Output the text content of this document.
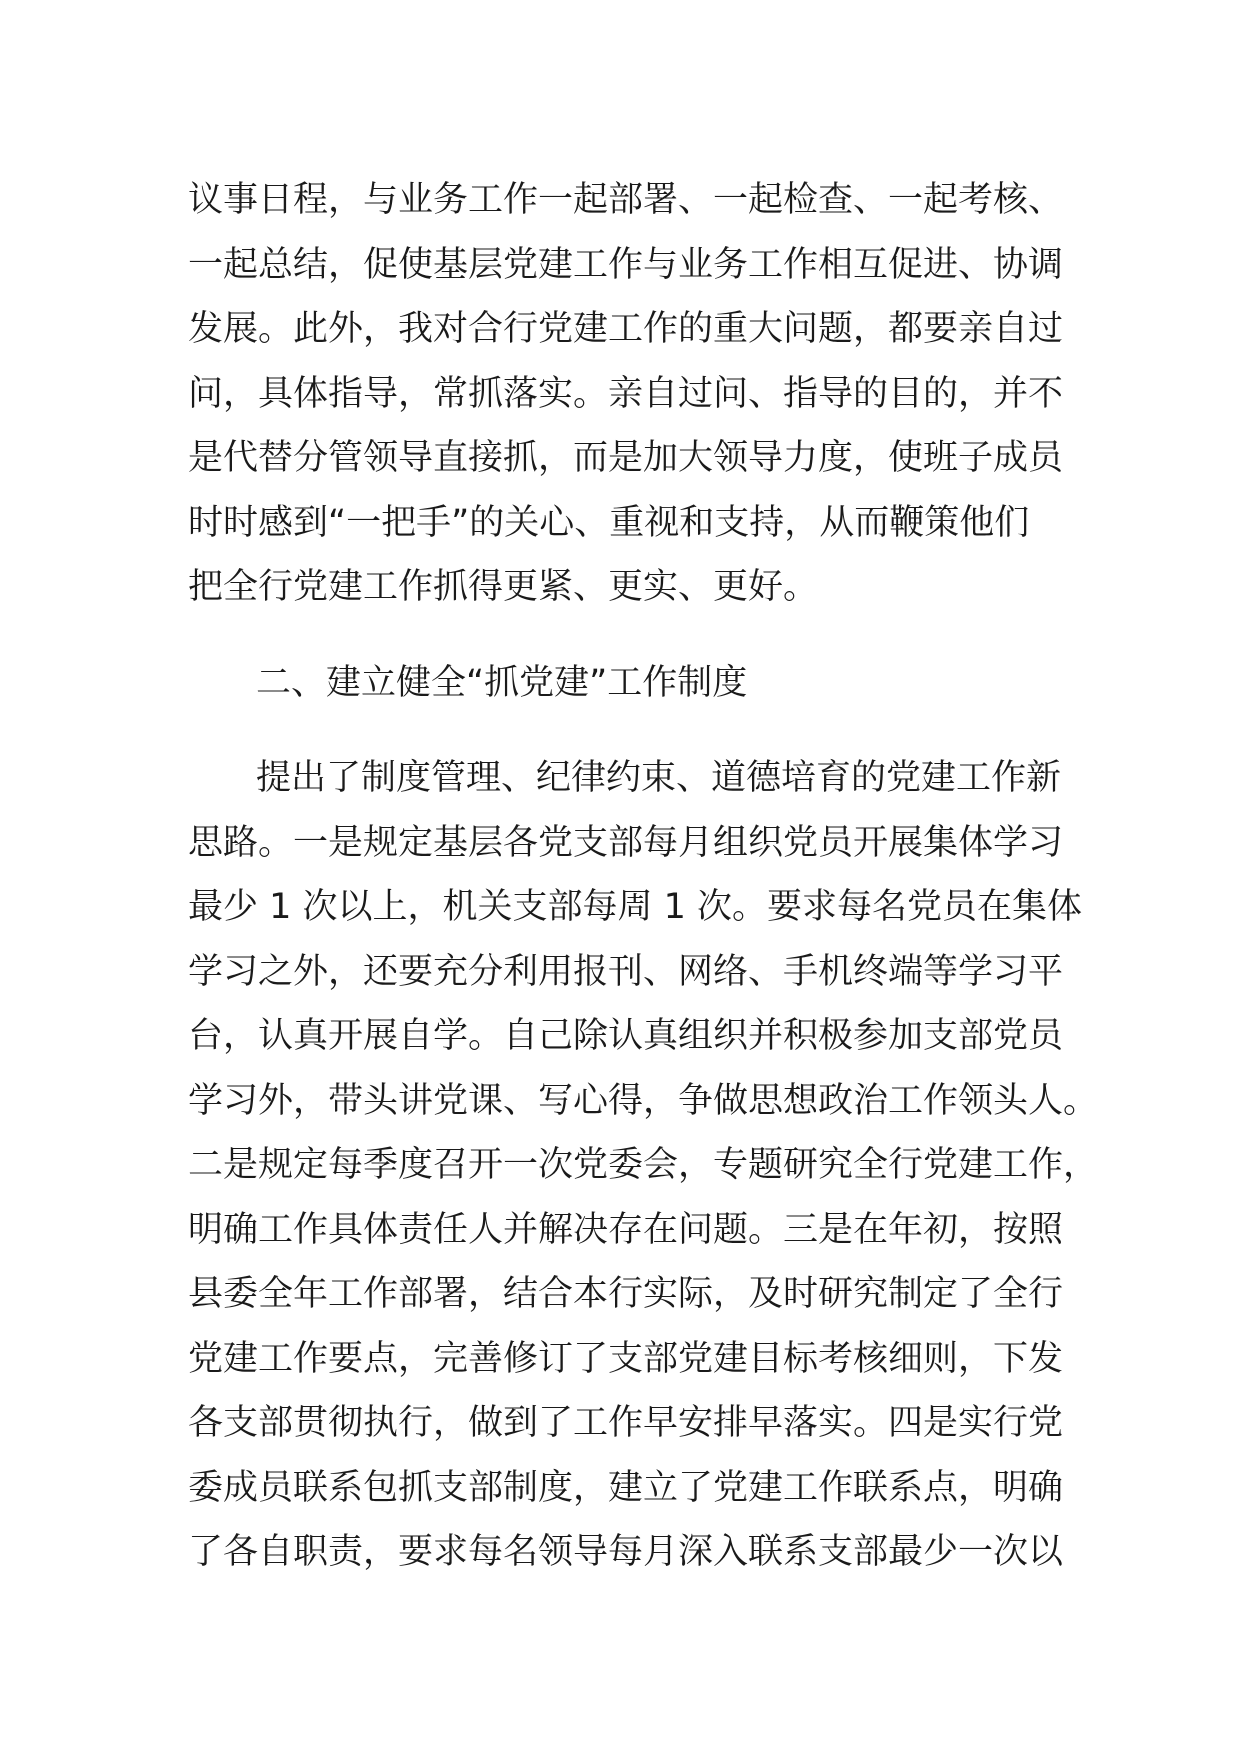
议事日程，与业务工作一起部署、一起检查、一起考核、
一起总结，促使基层党建工作与业务工作相互促进、协调
发展。此外，我对合行党建工作的重大问题，都要亲自过
问，具体指导，常抓落实。亲自过问、指导的目的，并不
是代替分管领导直接抓，而是加大领导力度，使班子成员
时时感到“一把手”的关心、重视和支持，从而鞭策他们
把全行党建工作抓得更紧、更实、更好。
二、建立健全“抓党建”工作制度
提出了制度管理、纪律约束、道德培育的党建工作新
思路。一是规定基层各党支部每月组织党员开展集体学习
最少 1 次以上，机关支部每周 1 次。要求每名党员在集体
学习之外，还要充分利用报刊、网络、手机终端等学习平
台，认真开展自学。自己除认真组织并积极参加支部党员
学习外，带头讲党课、写心得，争做思想政治工作领头人。
二是规定每季度召开一次党委会，专题研究全行党建工作，
明确工作具体责任人并解决存在问题。三是在年初，按照
县委全年工作部署，结合本行实际，及时研究制定了全行
党建工作要点，完善修订了支部党建目标考核细则，下发
各支部贯彻执行，做到了工作早安排早落实。四是实行党
委成员联系包抓支部制度，建立了党建工作联系点，明确
了各自职责，要求每名领导每月深入联系支部最少一次以
